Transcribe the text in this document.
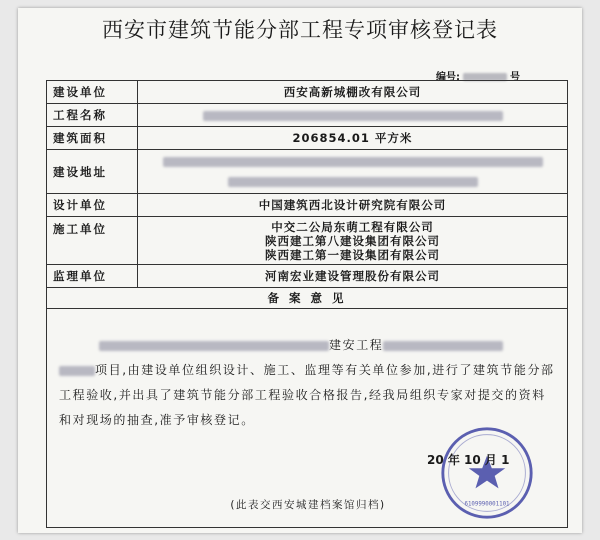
西安市建筑节能分部工程专项审核登记表
编号:	号
建设单位	西安高新城棚改有限公司
工程名称	
建筑面积	206854.01 平方米
建设地址	

设计单位	中国建筑西北设计研究院有限公司
施工单位	中交二公局东萌工程有限公司
陕西建工第八建设集团有限公司
陕西建工第一建设集团有限公司

监理单位	河南宏业建设管理股份有限公司
备 案 意 见	

建安工程
项目,由建设单位组织设计、施工、监理等有关单位参加,进行了建筑节能分部工程验收,并出具了建筑节能分部工程验收合格报告,经我局组织专家对提交的资料和对现场的抽查,准予审核登记。
6109990001101
20 年 10 月 1
(此表交西安城建档案馆归档)	
